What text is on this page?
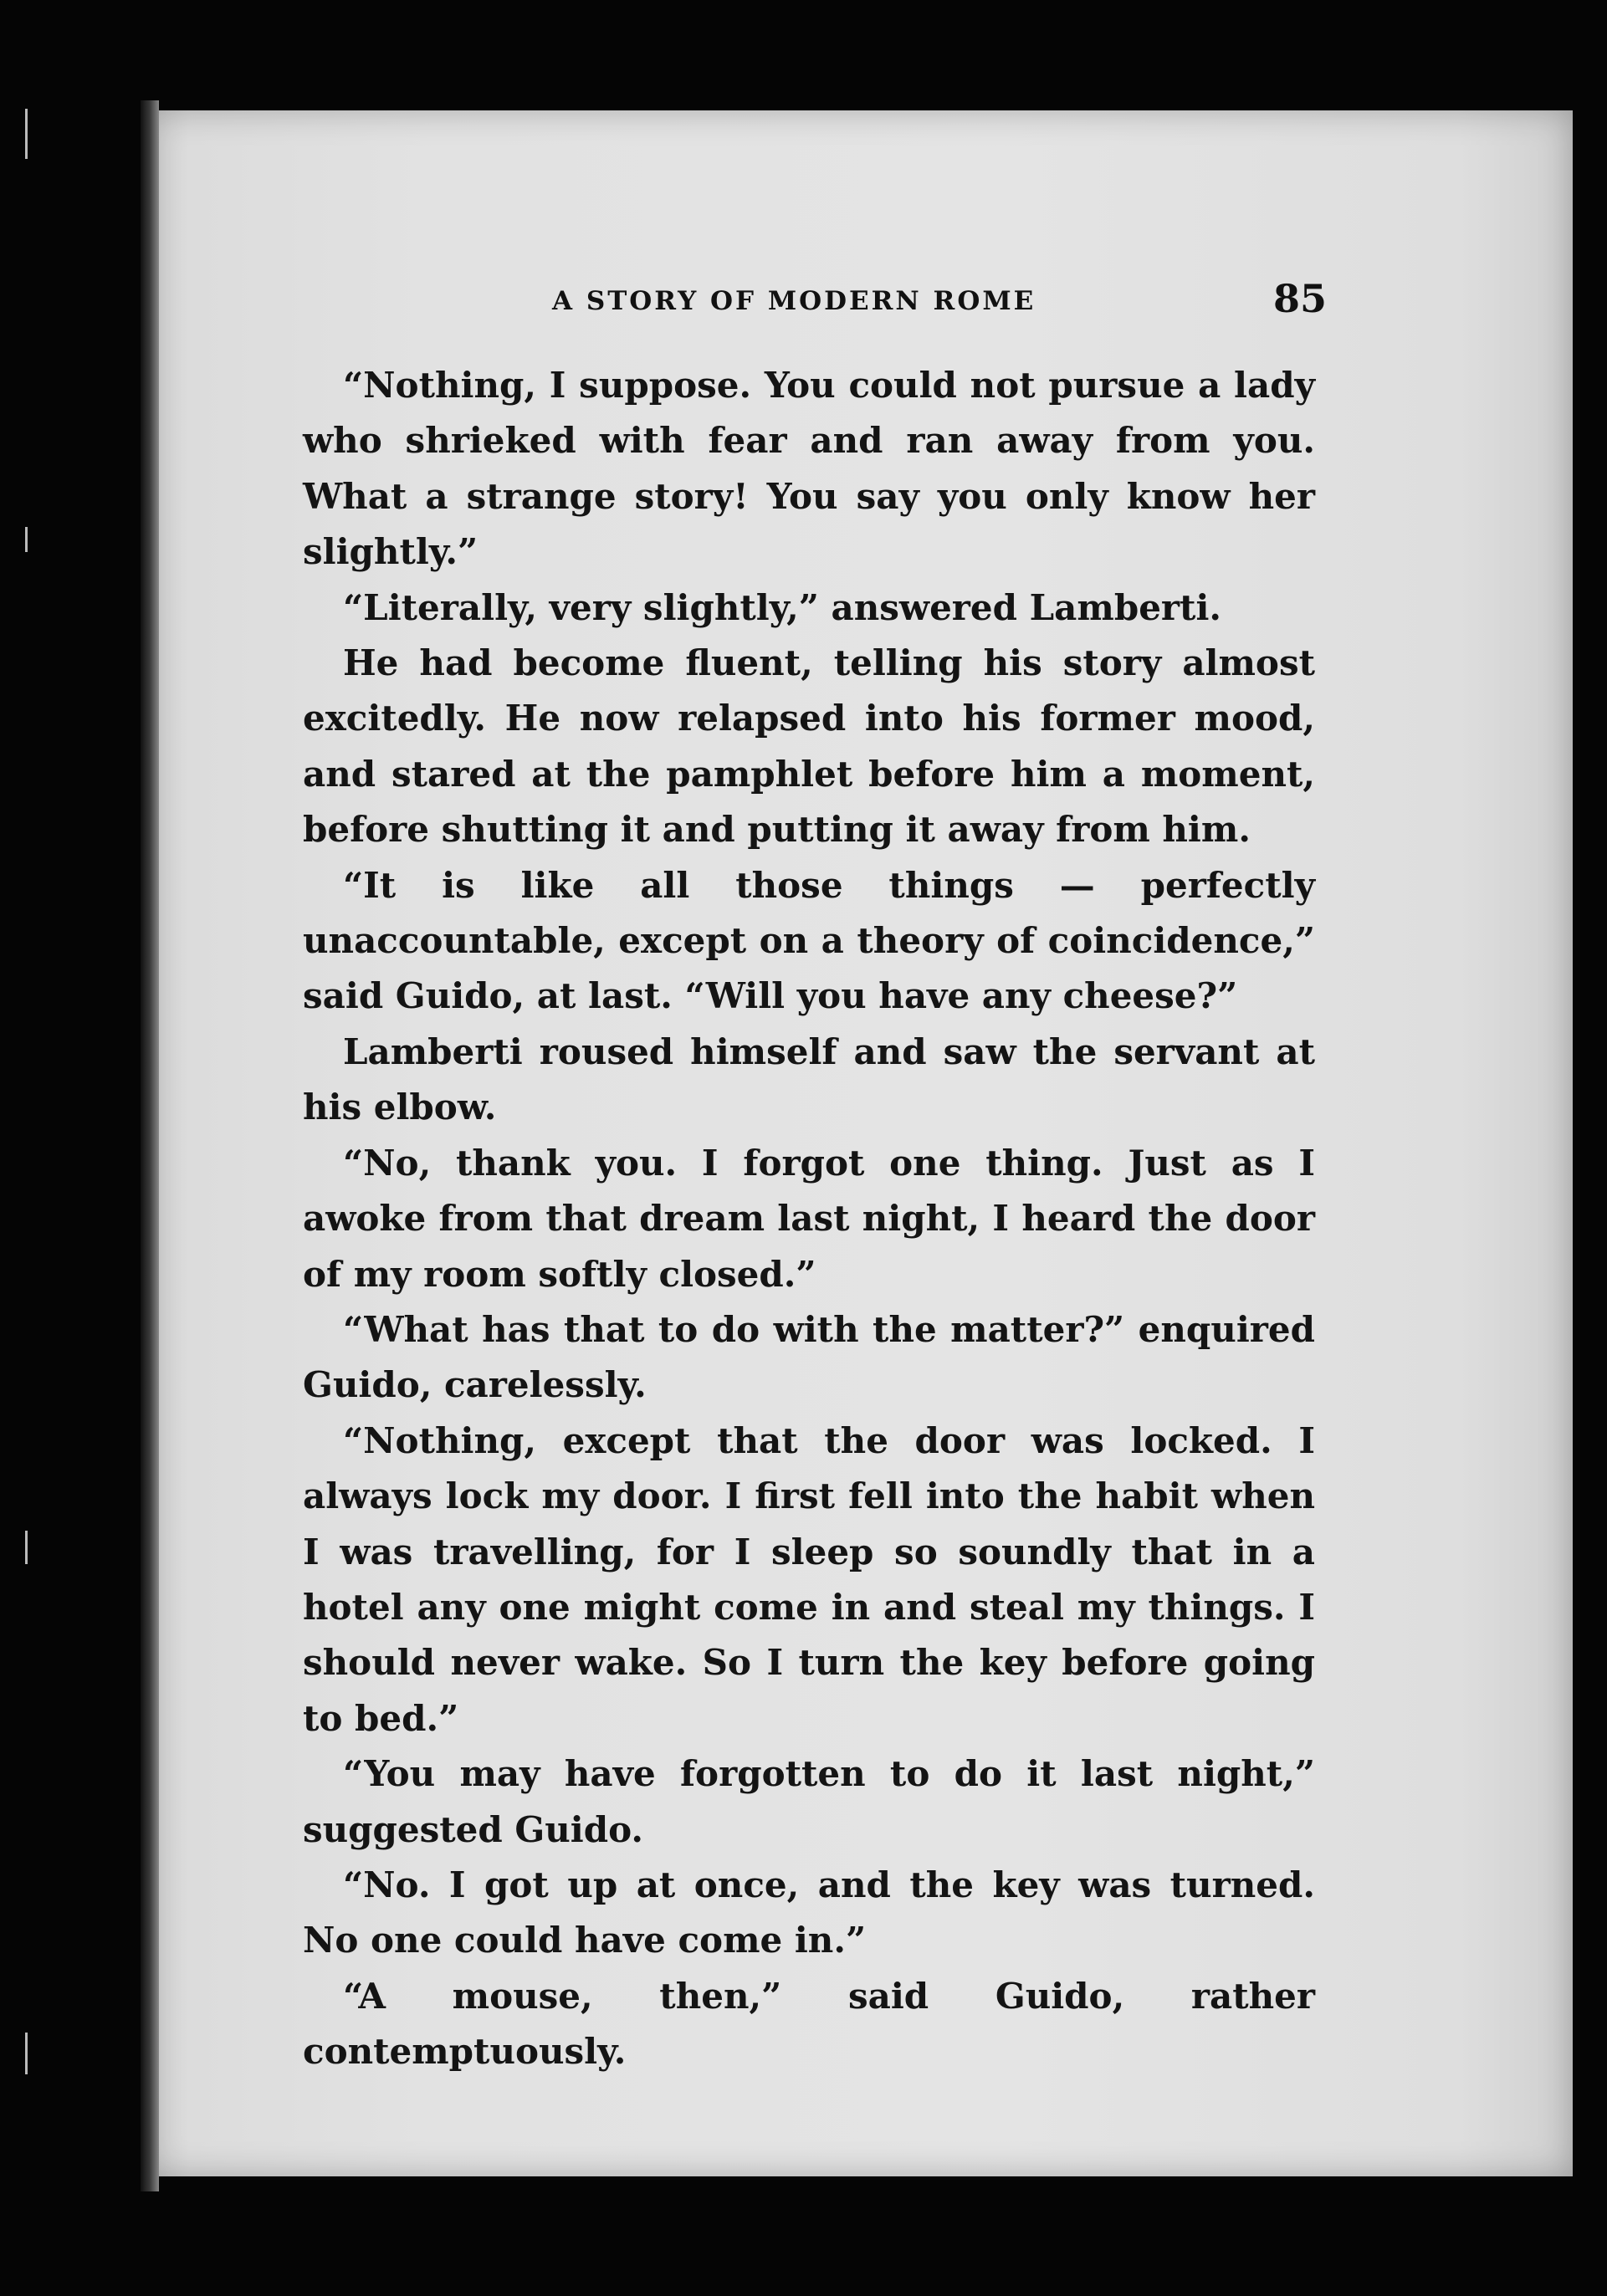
A STORY OF MODERN ROME	85

“Nothing, I suppose. You could not pursue a lady who shrieked with fear and ran away from you. What a strange story! You say you only know her slightly.”

“Literally, very slightly,” answered Lamberti.

He had become fluent, telling his story almost excitedly. He now relapsed into his former mood, and stared at the pamphlet before him a moment, before shutting it and putting it away from him.

“It is like all those things — perfectly unaccountable, except on a theory of coincidence,” said Guido, at last. “Will you have any cheese?”

Lamberti roused himself and saw the servant at his elbow.

“No, thank you. I forgot one thing. Just as I awoke from that dream last night, I heard the door of my room softly closed.”

“What has that to do with the matter?” enquired Guido, carelessly.

“Nothing, except that the door was locked. I always lock my door. I first fell into the habit when I was travelling, for I sleep so soundly that in a hotel any one might come in and steal my things. I should never wake. So I turn the key before going to bed.”

“You may have forgotten to do it last night,” suggested Guido.

“No. I got up at once, and the key was turned. No one could have come in.”

“A mouse, then,” said Guido, rather contemptuously.
